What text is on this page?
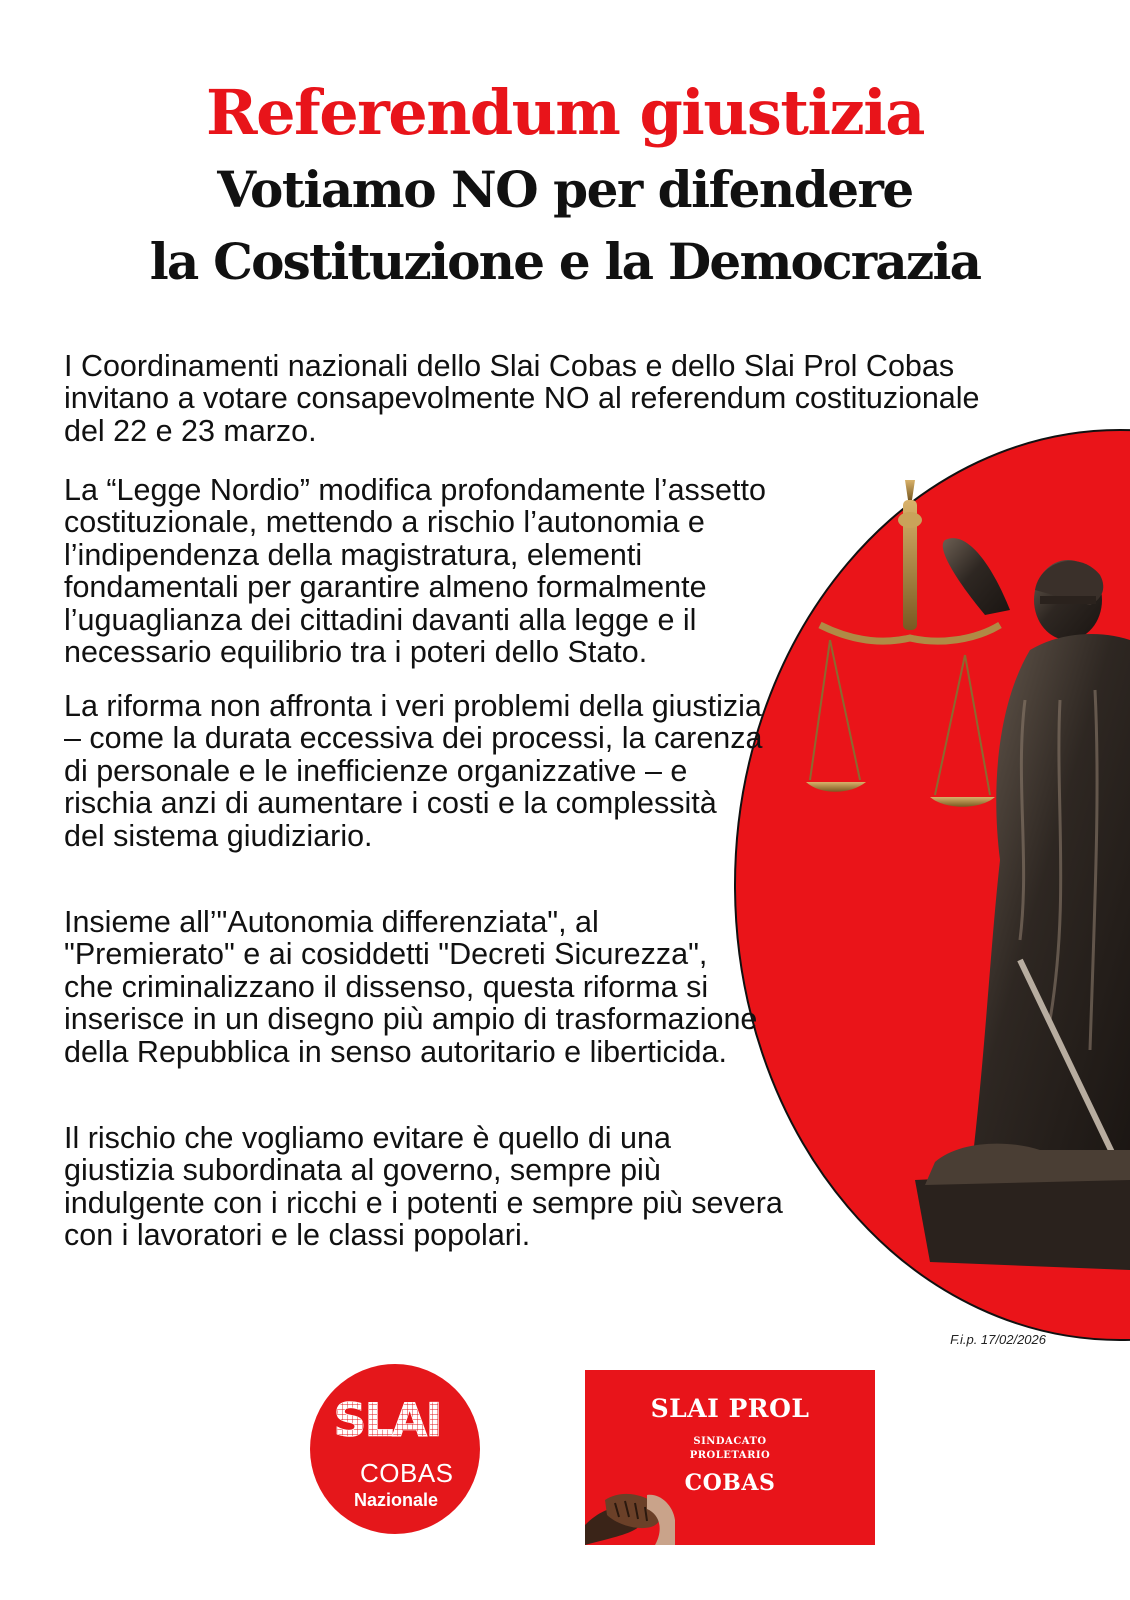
Referendum giustizia
Votiamo NO per difendere
la Costituzione e la Democrazia

I Coordinamenti nazionali dello Slai Cobas e dello Slai Prol Cobas invitano a votare consapevolmente NO al referendum costituzionale del 22 e 23 marzo.

La “Legge Nordio” modifica profondamente l’assetto costituzionale, mettendo a rischio l’autonomia e l’indipendenza della magistratura, elementi fondamentali per garantire almeno formalmente l’uguaglianza dei cittadini davanti alla legge e il necessario equilibrio tra i poteri dello Stato.

La riforma non affronta i veri problemi della giustizia – come la durata eccessiva dei processi, la carenza di personale e le inefficienze organizzative – e rischia anzi di aumentare i costi e la complessità del sistema giudiziario.

Insieme all’"Autonomia differenziata", al "Premierato" e ai cosiddetti "Decreti Sicurezza", che criminalizzano il dissenso, questa riforma si inserisce in un disegno più ampio di trasformazione della Repubblica in senso autoritario e liberticida.

Il rischio che vogliamo evitare è quello di una giustizia subordinata al governo, sempre più indulgente con i ricchi e i potenti e sempre più severa con i lavoratori e le classi popolari.

F.i.p. 17/02/2026
SLAI
COBAS
Nazionale
SLAI PROL
SINDACATO
PROLETARIO
COBAS
